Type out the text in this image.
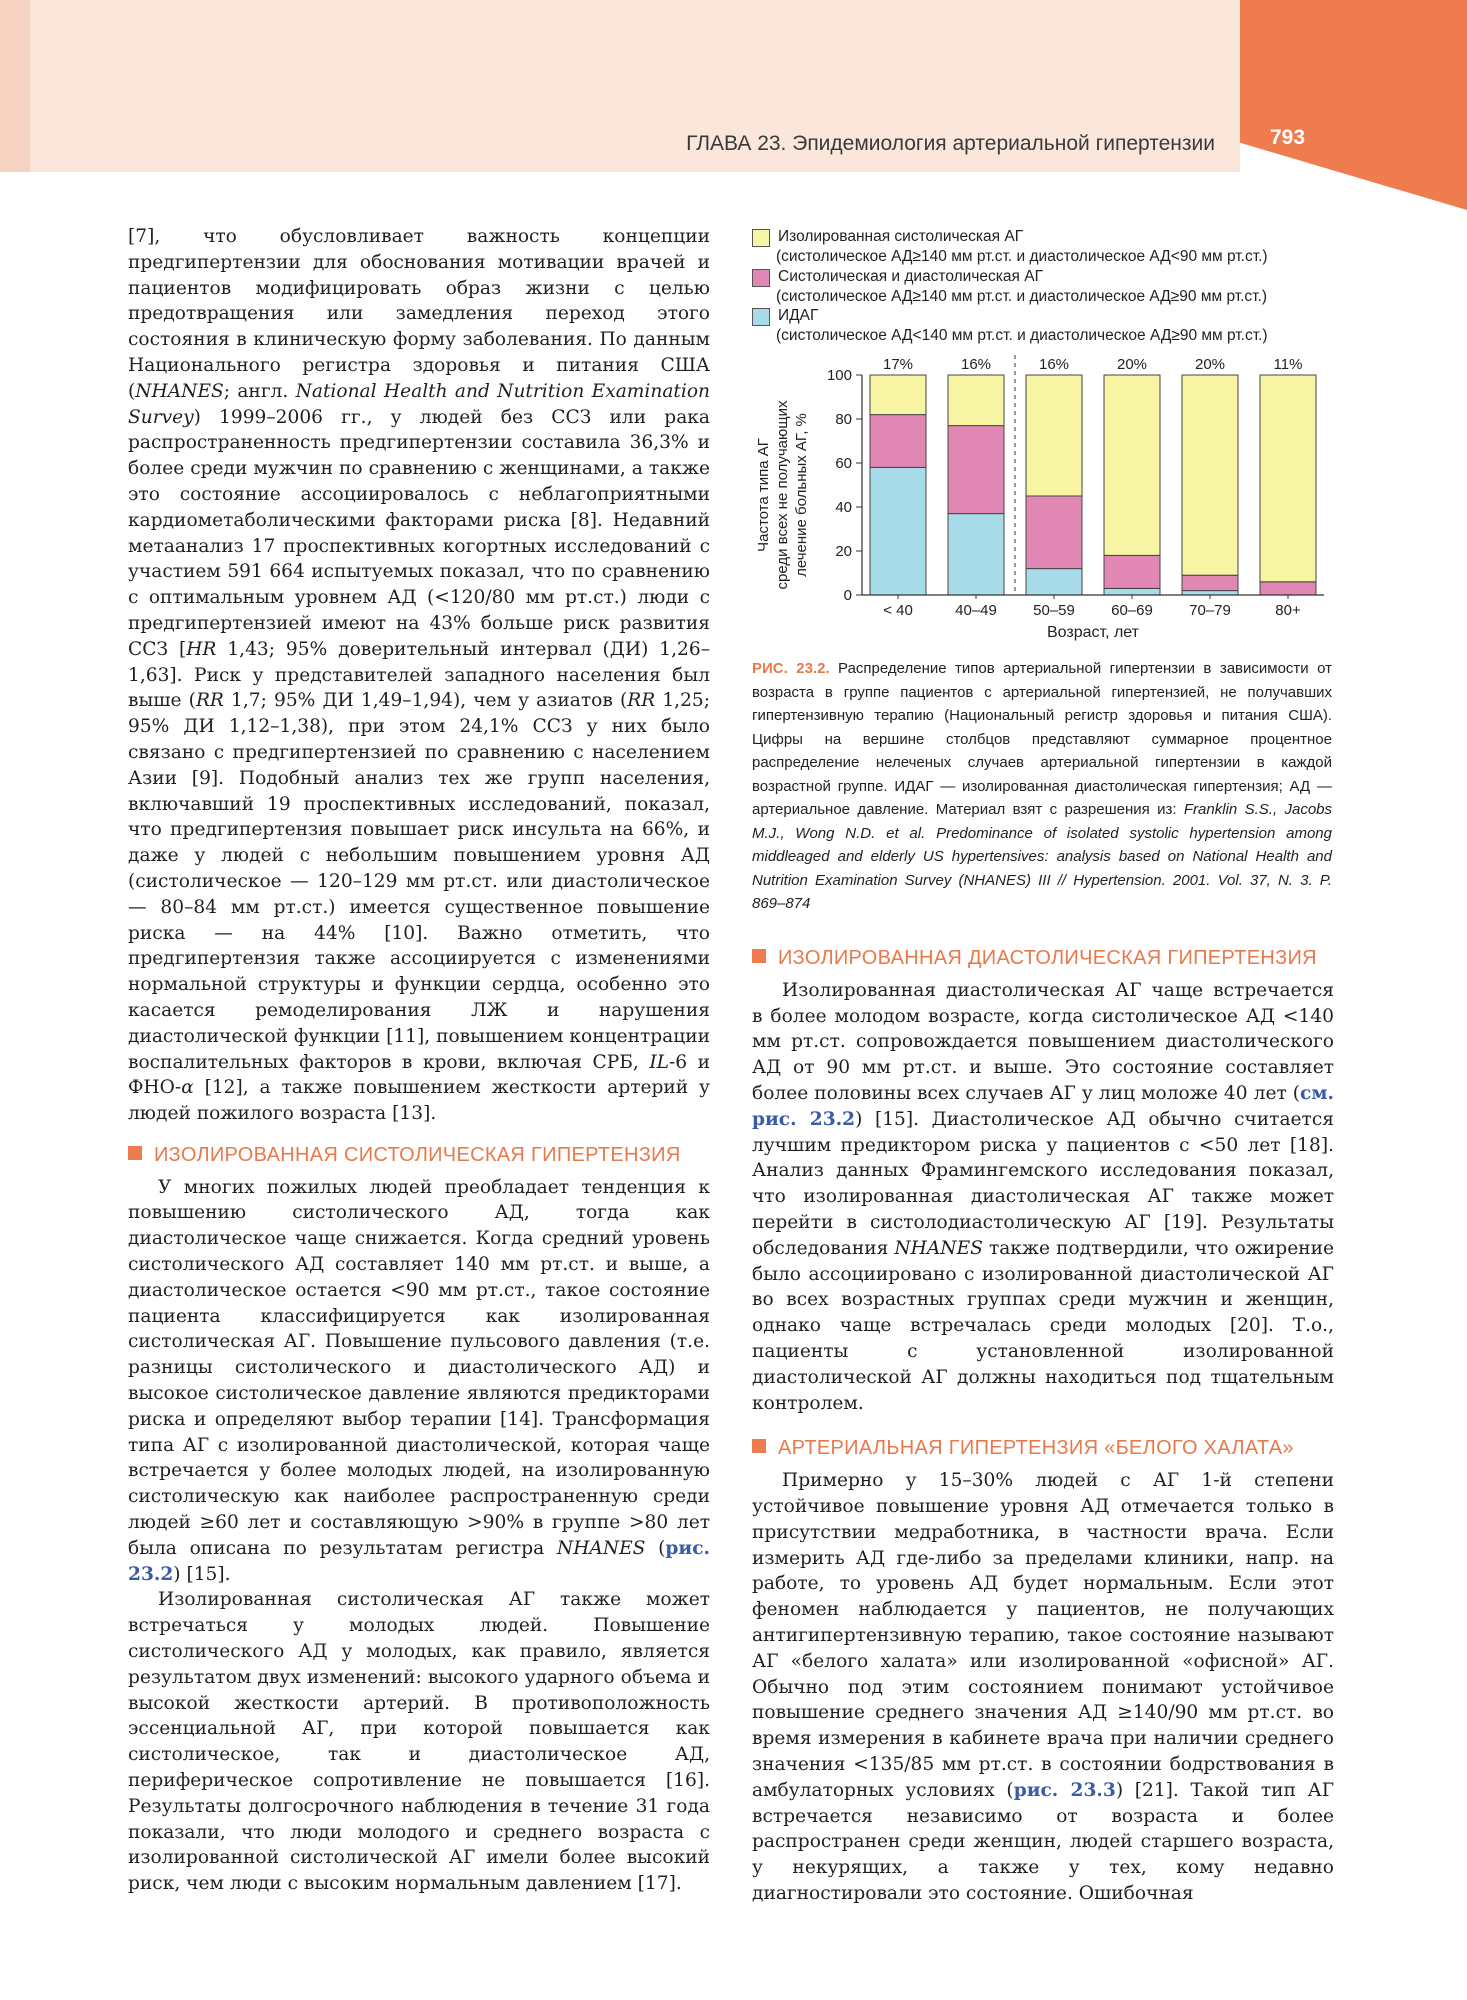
ГЛАВА 23. Эпидемиология артериальной гипертензии	793

[7], что обусловливает важность концепции предгипертензии для обоснования мотивации врачей и пациентов модифицировать образ жизни с целью предотвращения или замедления переход этого состояния в клиническую форму заболевания. По данным Национального регистра здоровья и питания США (NHANES; англ. National Health and Nutrition Examination Survey) 1999–2006 гг., у людей без ССЗ или рака распространенность предгипертензии составила 36,3% и более среди мужчин по сравнению с женщинами, а также это состояние ассоциировалось с неблагоприятными кардиометаболическими факторами риска [8]. Недавний метаанализ 17 проспективных когортных исследований с участием 591 664 испытуемых показал, что по сравнению с оптимальным уровнем АД (<120/80 мм рт.ст.) люди с предгипертензией имеют на 43% больше риск развития ССЗ [HR 1,43; 95% доверительный интервал (ДИ) 1,26–1,63]. Риск у представителей западного населения был выше (RR 1,7; 95% ДИ 1,49–1,94), чем у азиатов (RR 1,25; 95% ДИ 1,12–1,38), при этом 24,1% ССЗ у них было связано с предгипертензией по сравнению с населением Азии [9]. Подобный анализ тех же групп населения, включавший 19 проспективных исследований, показал, что предгипертензия повышает риск инсульта на 66%, и даже у людей с небольшим повышением уровня АД (систолическое — 120–129 мм рт.ст. или диастолическое — 80–84 мм рт.ст.) имеется существенное повышение риска — на 44% [10]. Важно отметить, что предгипертензия также ассоциируется с изменениями нормальной структуры и функции сердца, особенно это касается ремоделирования ЛЖ и нарушения диастолической функции [11], повышением концентрации воспалительных факторов в крови, включая СРБ, IL-6 и ФНО-α [12], а также повышением жесткости артерий у людей пожилого возраста [13].

ИЗОЛИРОВАННАЯ СИСТОЛИЧЕСКАЯ ГИПЕРТЕНЗИЯ

У многих пожилых людей преобладает тенденция к повышению систолического АД, тогда как диастолическое чаще снижается. Когда средний уровень систолического АД составляет 140 мм рт.ст. и выше, а диастолическое остается <90 мм рт.ст., такое состояние пациента классифицируется как изолированная систолическая АГ. Повышение пульсового давления (т.е. разницы систолического и диастолического АД) и высокое систолическое давление являются предикторами риска и определяют выбор терапии [14]. Трансформация типа АГ с изолированной диастолической, которая чаще встречается у более молодых людей, на изолированную систолическую как наиболее распространенную среди людей ≥60 лет и составляющую >90% в группе >80 лет была описана по результатам регистра NHANES (рис. 23.2) [15].

Изолированная систолическая АГ также может встречаться у молодых людей. Повышение систолического АД у молодых, как правило, является результатом двух изменений: высокого ударного объема и высокой жесткости артерий. В противоположность эссенциальной АГ, при которой повышается как систолическое, так и диастолическое АД, периферическое сопротивление не повышается [16]. Результаты долгосрочного наблюдения в течение 31 года показали, что люди молодого и среднего возраста с изолированной систолической АГ имели более высокий риск, чем люди с высоким нормальным давлением [17].

Изолированная систолическая АГ
(систолическое АД≥140 мм рт.ст. и диастолическое АД<90 мм рт.ст.)
Систолическая и диастолическая АГ
(систолическое АД≥140 мм рт.ст. и диастолическое АД≥90 мм рт.ст.)
ИДАГ
(систолическое АД<140 мм рт.ст. и диастолическое АД≥90 мм рт.ст.)
0
20
40
60
80
100
17%
< 40
16%
40–49
16%
50–59
20%
60–69
20%
70–79
11%
80+
Возраст, лет
Частота типа АГ среди всех не получающих лечение больных АГ, %
РИС. 23.2. Распределение типов артериальной гипертензии в зависимости от возраста в группе пациентов с артериальной гипертензией, не получавших гипертензивную терапию (Национальный регистр здоровья и питания США). Цифры на вершине столбцов представляют суммарное процентное распределение нелеченых случаев артериальной гипертензии в каждой возрастной группе. ИДАГ — изолированная диастолическая гипертензия; АД — артериальное давление. Материал взят с разрешения из: Franklin S.S., Jacobs M.J., Wong N.D. et al. Predominance of isolated systolic hypertension among middleaged and elderly US hypertensives: analysis based on National Health and Nutrition Examination Survey (NHANES) III // Hypertension. 2001. Vol. 37, N. 3. P. 869–874
ИЗОЛИРОВАННАЯ ДИАСТОЛИЧЕСКАЯ ГИПЕРТЕНЗИЯ

Изолированная диастолическая АГ чаще встречается в более молодом возрасте, когда систолическое АД <140 мм рт.ст. сопровождается повышением диастолического АД от 90 мм рт.ст. и выше. Это состояние составляет более половины всех случаев АГ у лиц моложе 40 лет (см. рис. 23.2) [15]. Диастолическое АД обычно считается лучшим предиктором риска у пациентов с <50 лет [18]. Анализ данных Фрамингемского исследования показал, что изолированная диастолическая АГ также может перейти в систолодиастолическую АГ [19]. Результаты обследования NHANES также подтвердили, что ожирение было ассоциировано с изолированной диастолической АГ во всех возрастных группах среди мужчин и женщин, однако чаще встречалась среди молодых [20]. Т.о., пациенты с установленной изолированной диастолической АГ должны находиться под тщательным контролем.

АРТЕРИАЛЬНАЯ ГИПЕРТЕНЗИЯ «БЕЛОГО ХАЛАТА»

Примерно у 15–30% людей с АГ 1-й степени устойчивое повышение уровня АД отмечается только в присутствии медработника, в частности врача. Если измерить АД где-либо за пределами клиники, напр. на работе, то уровень АД будет нормальным. Если этот феномен наблюдается у пациентов, не получающих антигипертензивную терапию, такое состояние называют АГ «белого халата» или изолированной «офисной» АГ. Обычно под этим состоянием понимают устойчивое повышение среднего значения АД ≥140/90 мм рт.ст. во время измерения в кабинете врача при наличии среднего значения <135/85 мм рт.ст. в состоянии бодрствования в амбулаторных условиях (рис. 23.3) [21]. Такой тип АГ встречается независимо от возраста и более распространен среди женщин, людей старшего возраста, у некурящих, а также у тех, кому недавно диагностировали это состояние. Ошибочная
